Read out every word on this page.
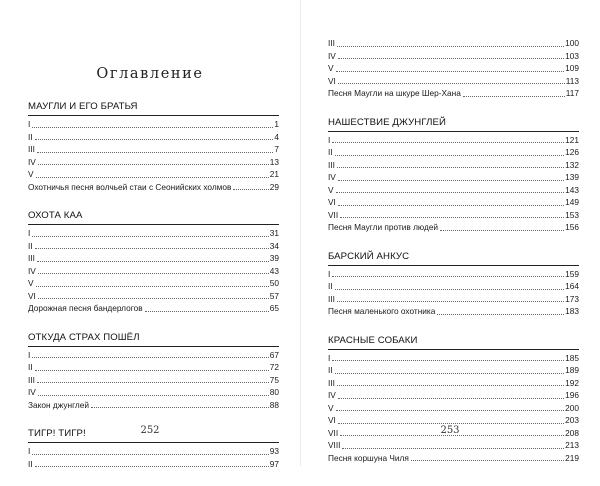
Оглавление
МАУГЛИ И ЕГО БРАТЬЯ
I	1
II	4
III	7
IV	13
V	21
Охотничья песня волчьей стаи с Сеонийских холмов	29
ОХОТА КАА
I	31
II	34
III	39
IV	43
V	50
VI	57
Дорожная песня бандерлогов	65
ОТКУДА СТРАХ ПОШЁЛ
I	67
II	72
III	75
IV	80
Закон джунглей	88
ТИГР! ТИГР!
I	93
II	97
252
III	100
IV	103
V	109
VI	113
Песня Маугли на шкуре Шер-Хана	117
НАШЕСТВИЕ ДЖУНГЛЕЙ
I	121
II	126
III	132
IV	139
V	143
VI	149
VII	153
Песня Маугли против людей	156
БАРСКИЙ АНКУС
I	159
II	164
III	173
Песня маленького охотника	183
КРАСНЫЕ СОБАКИ
I	185
II	189
III	192
IV	196
V	200
VI	203
VII	208
VIII	213
Песня коршуна Чиля	219
253
